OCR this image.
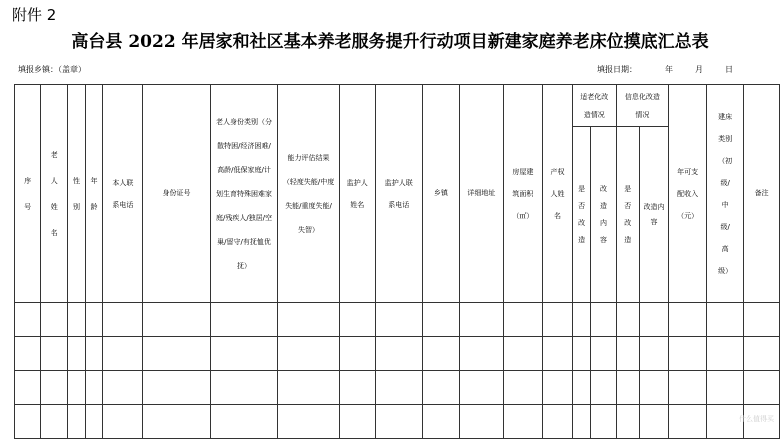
附件 2
高台县 2022 年居家和社区基本养老服务提升行动项目新建家庭养老床位摸底汇总表
填报乡镇：（盖章）	填报日期：	年	月	日
序号	老人姓名	性别	年龄	本人联系电话	身份证号	老人身份类别（分散特困/经济困难/高龄/低保家庭/计划生育特殊困难家庭/残疾人/独居/空巢/留守/有抚恤优抚）	能力评估结果（轻度失能/中度失能/重度失能/失智）	监护人姓名	监护人联系电话	乡镇	详细地址	房屋建筑面积（㎡）	产权人姓名	适老化改造情况		信息化改造情况		年可支配收入（元）	建床类别（初级/中级/高级）	备注

														是否改造	改造内容	是否改造	改造内容			

什么值得买
